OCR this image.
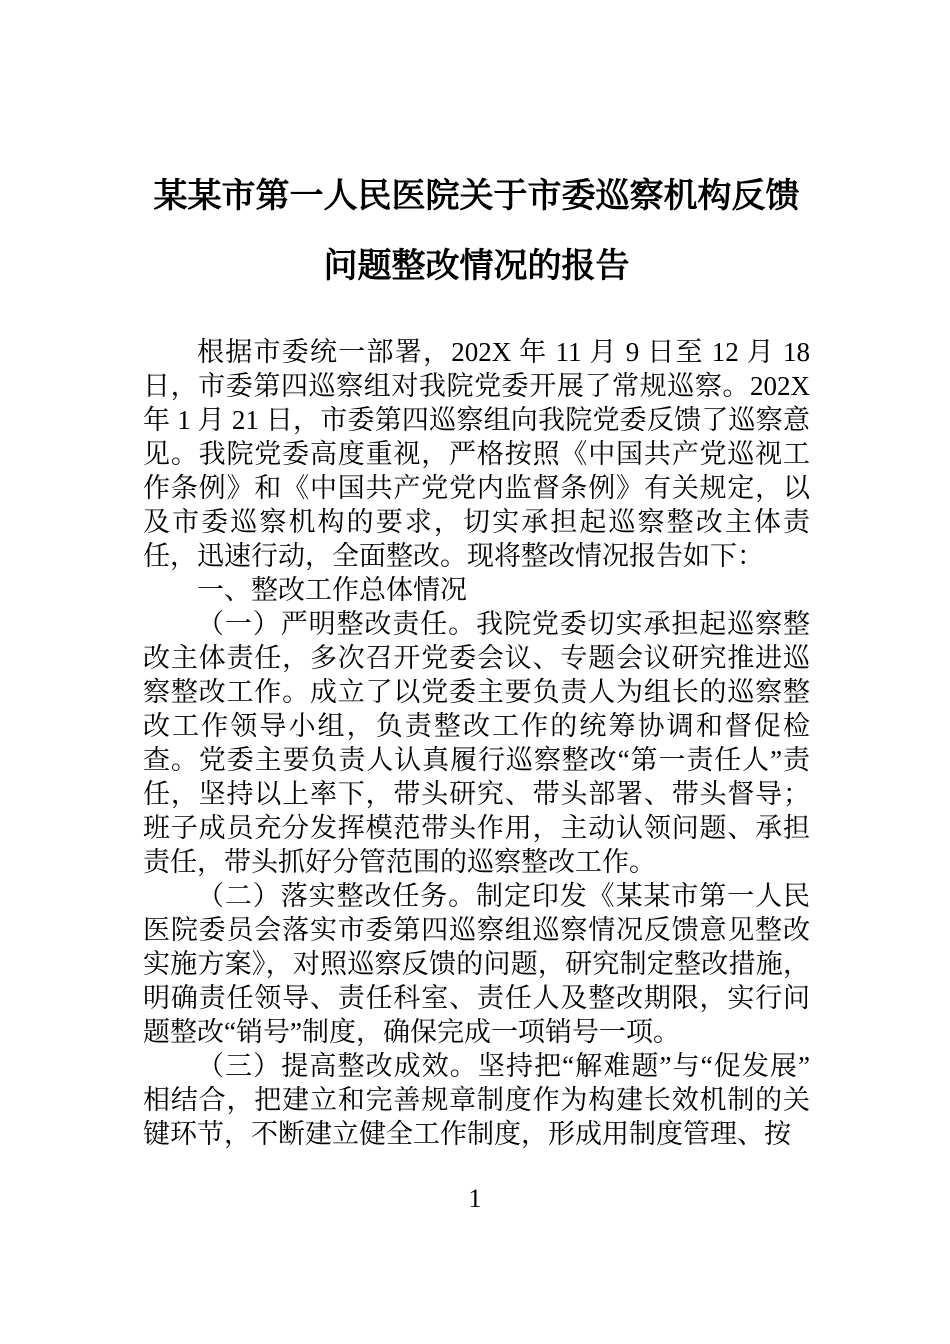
某某市第一人民医院关于市委巡察机构反馈问题整改情况的报告

根据市委统一部署，202X 年 11 月 9 日至 12 月 18 日，市委第四巡察组对我院党委开展了常规巡察。202X 年 1 月 21 日，市委第四巡察组向我院党委反馈了巡察意见。我院党委高度重视，严格按照《中国共产党巡视工作条例》和《中国共产党党内监督条例》有关规定，以及市委巡察机构的要求，切实承担起巡察整改主体责任，迅速行动，全面整改。现将整改情况报告如下：

一、整改工作总体情况

（一）严明整改责任。我院党委切实承担起巡察整改主体责任，多次召开党委会议、专题会议研究推进巡察整改工作。成立了以党委主要负责人为组长的巡察整改工作领导小组，负责整改工作的统筹协调和督促检查。党委主要负责人认真履行巡察整改“第一责任人”责任，坚持以上率下，带头研究、带头部署、带头督导；班子成员充分发挥模范带头作用，主动认领问题、承担责任，带头抓好分管范围的巡察整改工作。

（二）落实整改任务。制定印发《某某市第一人民医院委员会落实市委第四巡察组巡察情况反馈意见整改实施方案》，对照巡察反馈的问题，研究制定整改措施，明确责任领导、责任科室、责任人及整改期限，实行问题整改“销号”制度，确保完成一项销号一项。

（三）提高整改成效。坚持把“解难题”与“促发展”相结合，把建立和完善规章制度作为构建长效机制的关键环节，不断建立健全工作制度，形成用制度管理、按

1
